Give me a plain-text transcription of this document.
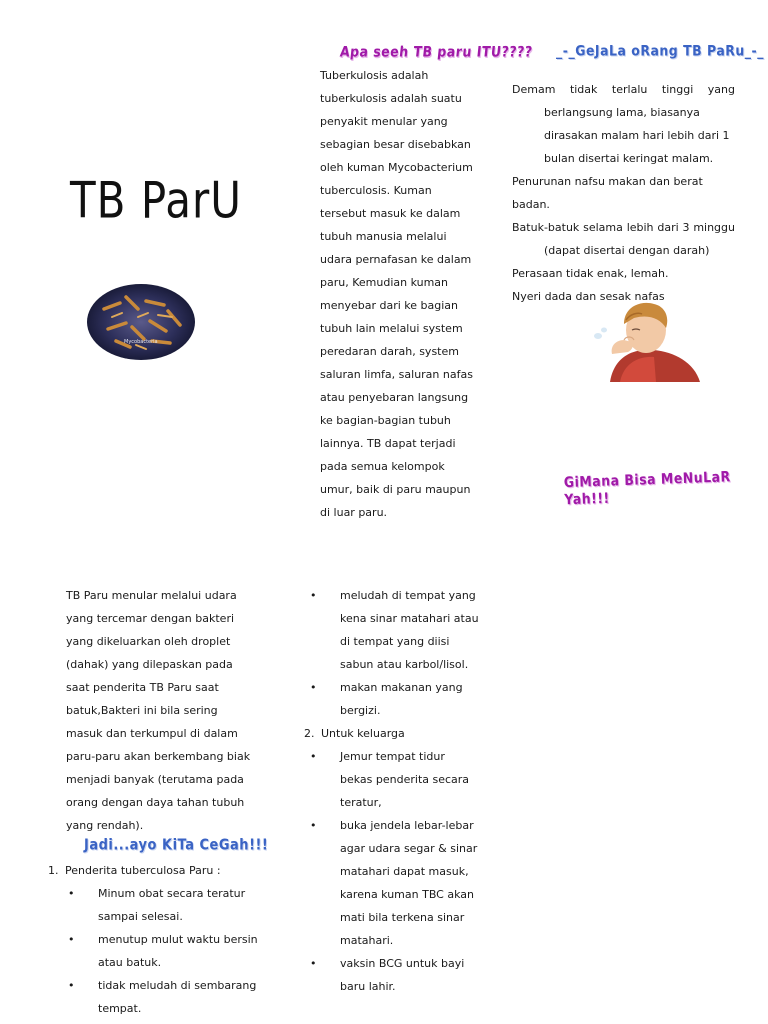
TB ParU
Mycobacteria
Apa seeh TB paru ITU????

Tuberkulosis adalah tuberkulosis adalah suatu penyakit menular yang sebagian besar disebabkan oleh kuman Mycobacterium tuberculosis. Kuman tersebut masuk ke dalam tubuh manusia melalui udara pernafasan ke dalam paru, Kemudian kuman menyebar dari ke bagian tubuh lain melalui system peredaran darah, system saluran limfa, saluran nafas atau penyebaran langsung ke bagian-bagian tubuh lainnya. TB dapat terjadi pada semua kelompok umur, baik di paru maupun di luar paru.

_-_GeJaLa oRang TB PaRu_-_
Demam tidak terlalu tinggi yang
berlangsung lama, biasanya dirasakan malam hari lebih dari 1 bulan disertai keringat malam.
Penurunan nafsu makan dan berat badan.
Batuk-batuk selama lebih dari 3 minggu
(dapat disertai dengan darah)
Perasaan tidak enak, lemah.
Nyeri dada dan sesak nafas
GiMana Bisa MeNuLaR Yah!!!

TB Paru menular melalui udara yang tercemar dengan bakteri yang dikeluarkan oleh droplet (dahak) yang dilepaskan pada saat penderita TB Paru saat batuk,Bakteri ini bila sering masuk dan terkumpul di dalam paru-paru akan berkembang biak menjadi banyak (terutama pada orang dengan daya tahan tubuh yang rendah).

Jadi...ayo KiTa CeGah!!!
1. Penderita tuberculosa Paru :
• Minum obat secara teratur sampai selesai.
• menutup mulut waktu bersin atau batuk.
• tidak meludah di sembarang tempat.
• meludah di tempat yang kena sinar matahari atau di tempat yang diisi sabun atau karbol/lisol.
• makan makanan yang bergizi.
2. Untuk keluarga
• Jemur tempat tidur bekas penderita secara teratur,
• buka jendela lebar-lebar agar udara segar & sinar matahari dapat masuk, karena kuman TBC akan mati bila terkena sinar matahari.
• vaksin BCG untuk bayi baru lahir.
